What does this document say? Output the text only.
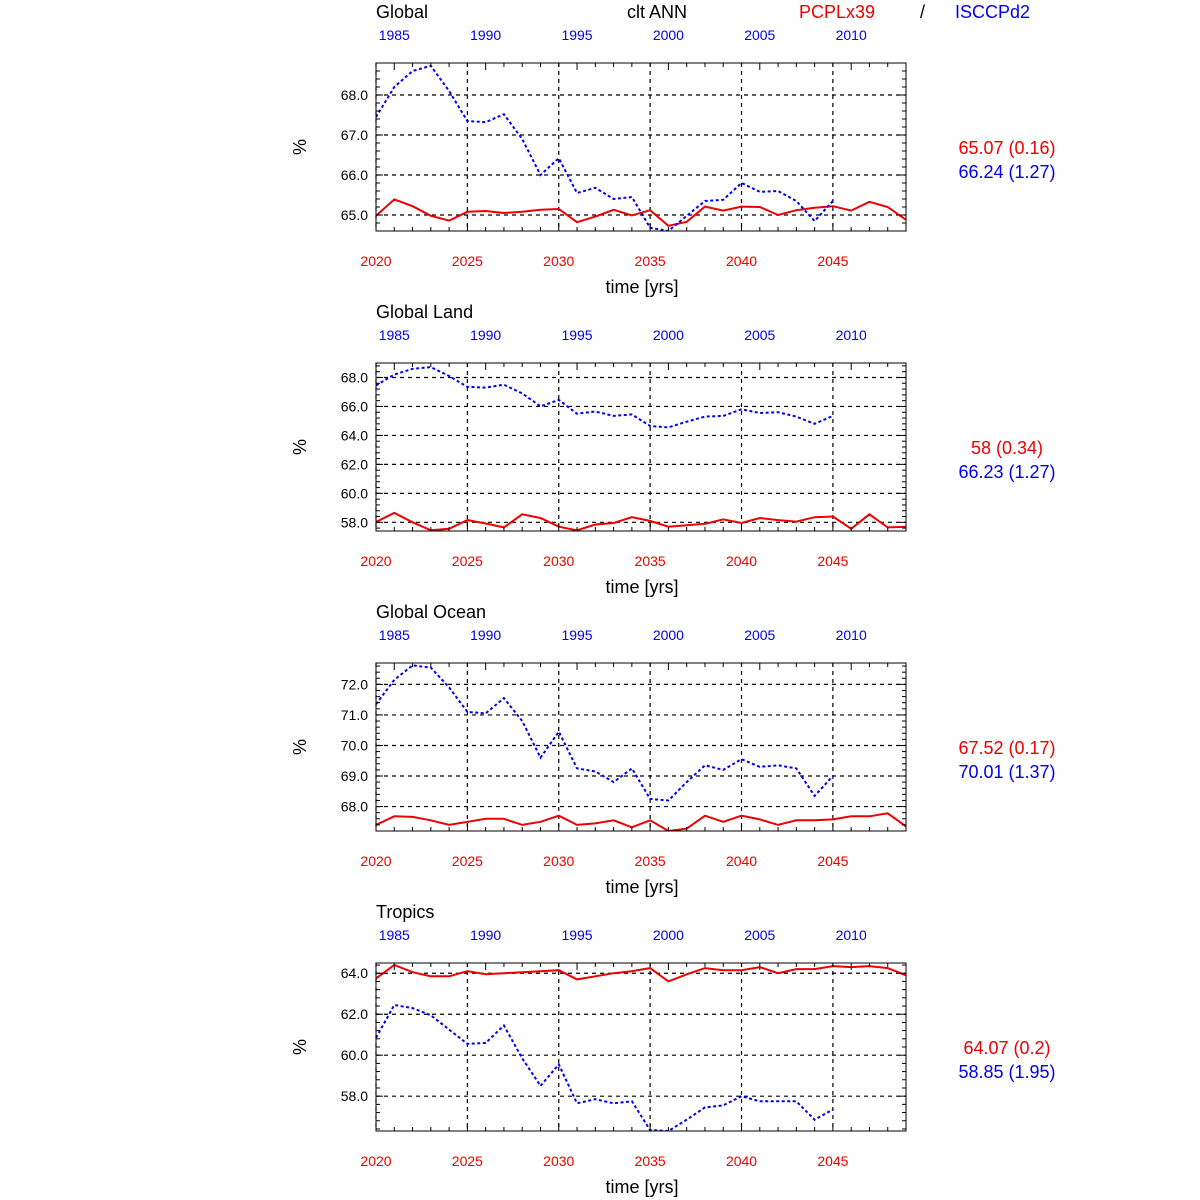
clt ANN	PCPLx39 / ISCCPd2
Global
2020	2025	2030	2035	2040	2045
1985	1990	1995	2000	2005	2010
65.0
66.0
67.0
68.0
time [yrs]
%	65.07 (0.16)
66.24 (1.27)
Global Land
2020	2025	2030	2035	2040	2045
1985	1990	1995	2000	2005	2010
58.0
60.0
62.0
64.0
66.0
68.0
time [yrs]
%	58 (0.34)
66.23 (1.27)
Global Ocean
2020	2025	2030	2035	2040	2045
1985	1990	1995	2000	2005	2010
68.0
69.0
70.0
71.0
72.0
time [yrs]
%	67.52 (0.17)
70.01 (1.37)
Tropics
2020	2025	2030	2035	2040	2045
1985	1990	1995	2000	2005	2010
58.0
60.0
62.0
64.0
time [yrs]
%	64.07 (0.2)
58.85 (1.95)
